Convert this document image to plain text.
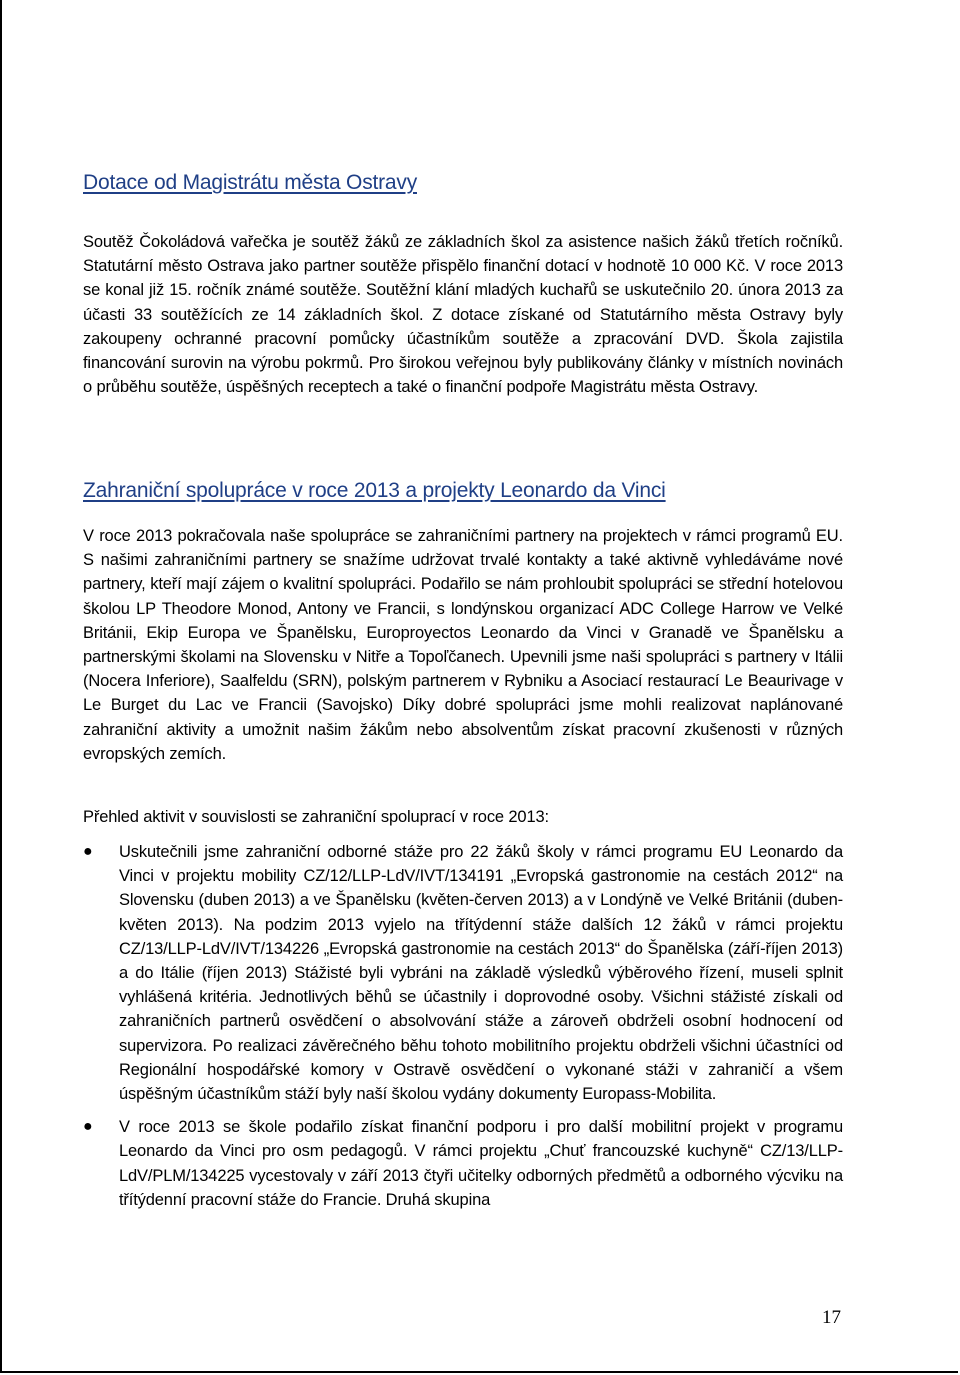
Dotace od Magistrátu města Ostravy

Soutěž Čokoládová vařečka je soutěž žáků ze základních škol za asistence našich žáků třetích ročníků. Statutární město Ostrava jako partner soutěže přispělo finanční dotací v hodnotě 10 000 Kč. V roce 2013 se konal již 15. ročník známé soutěže. Soutěžní klání mladých kuchařů se uskutečnilo 20. února 2013 za účasti 33 soutěžících ze 14 základních škol. Z dotace získané od Statutárního města Ostravy byly zakoupeny ochranné pracovní pomůcky účastníkům soutěže a zpracování DVD. Škola zajistila financování surovin na výrobu pokrmů. Pro širokou veřejnou byly publikovány články v místních novinách o průběhu soutěže, úspěšných receptech a také o finanční podpoře Magistrátu města Ostravy.

Zahraniční spolupráce v roce 2013 a projekty Leonardo da Vinci

V roce 2013 pokračovala naše spolupráce se zahraničními partnery na projektech v rámci programů EU. S našimi zahraničními partnery se snažíme udržovat trvalé kontakty a také aktivně vyhledáváme nové partnery, kteří mají zájem o kvalitní spolupráci. Podařilo se nám prohloubit spolupráci se střední hotelovou školou LP Theodore Monod, Antony ve Francii, s londýnskou organizací ADC College Harrow ve Velké Británii, Ekip Europa ve Španělsku, Europroyectos Leonardo da Vinci v Granadě ve Španělsku a partnerskými školami na Slovensku v Nitře a Topoľčanech. Upevnili jsme naši spolupráci s partnery v Itálii (Nocera Inferiore), Saalfeldu (SRN), polským partnerem v Rybniku a Asociací restaurací Le Beaurivage v Le Burget du Lac ve Francii (Savojsko) Díky dobré spolupráci jsme mohli realizovat naplánované zahraniční aktivity a umožnit našim žákům nebo absolventům získat pracovní zkušenosti v různých evropských zemích.

Přehled aktivit v souvislosti se zahraniční spoluprací v roce 2013:

● Uskutečnili jsme zahraniční odborné stáže pro 22 žáků školy v rámci programu EU Leonardo da Vinci v projektu mobility CZ/12/LLP-LdV/IVT/134191 „Evropská gastronomie na cestách 2012“ na Slovensku (duben 2013) a ve Španělsku (květen-červen 2013) a v Londýně ve Velké Británii (duben-květen 2013). Na podzim 2013 vyjelo na třítýdenní stáže dalších 12 žáků v rámci projektu CZ/13/LLP-LdV/IVT/134226 „Evropská gastronomie na cestách 2013“ do Španělska (září-říjen 2013) a do Itálie (říjen 2013) Stážisté byli vybráni na základě výsledků výběrového řízení, museli splnit vyhlášená kritéria. Jednotlivých běhů se účastnily i doprovodné osoby. Všichni stážisté získali od zahraničních partnerů osvědčení o absolvování stáže a zároveň obdrželi osobní hodnocení od supervizora. Po realizaci závěrečného běhu tohoto mobilitního projektu obdrželi všichni účastníci od Regionální hospodářské komory v Ostravě osvědčení o vykonané stáži v zahraničí a všem úspěšným účastníkům stáží byly naší školou vydány dokumenty Europass-Mobilita.
● V roce 2013 se škole podařilo získat finanční podporu i pro další mobilitní projekt v programu Leonardo da Vinci pro osm pedagogů. V rámci projektu „Chuť francouzské kuchyně“ CZ/13/LLP-LdV/PLM/134225 vycestovaly v září 2013 čtyři učitelky odborných předmětů a odborného výcviku na třítýdenní pracovní stáže do Francie. Druhá skupina
17
